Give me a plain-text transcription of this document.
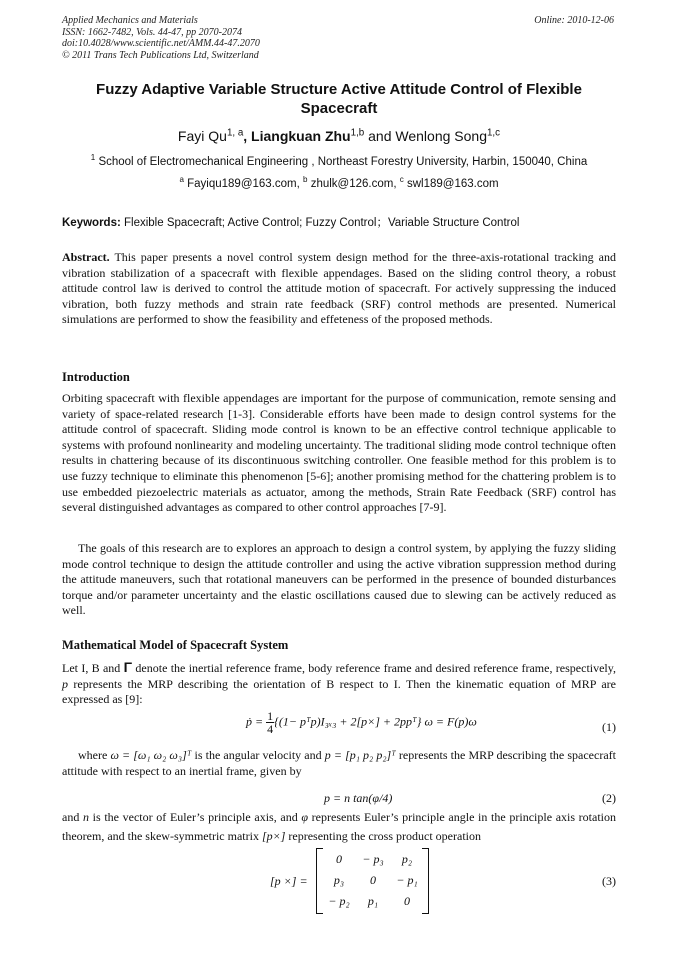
Applied Mechanics and Materials
ISSN: 1662-7482, Vols. 44-47, pp 2070-2074
doi:10.4028/www.scientific.net/AMM.44-47.2070
© 2011 Trans Tech Publications Ltd, Switzerland
Online: 2010-12-06
Fuzzy Adaptive Variable Structure Active Attitude Control of Flexible Spacecraft
Fayi Qu$^{1, a}$, Liangkuan Zhu$^{1,b}$ and Wenlong Song$^{1,c}$
$^1$ School of Electromechanical Engineering , Northeast Forestry University, Harbin, 150040, China
$^a$ Fayiqu189@163.com, $^b$ zhulk@126.com, $^c$ swl189@163.com
Keywords: Flexible Spacecraft; Active Control; Fuzzy Control；Variable Structure Control
Abstract. This paper presents a novel control system design method for the three-axis-rotational tracking and vibration stabilization of a spacecraft with flexible appendages. Based on the sliding control theory, a robust attitude control law is derived to control the attitude motion of spacecraft. For actively suppressing the induced vibration, both fuzzy methods and strain rate feedback (SRF) control methods are presented. Numerical simulations are performed to show the feasibility and effeteness of the proposed methods.
Introduction
Orbiting spacecraft with flexible appendages are important for the purpose of communication, remote sensing and variety of space-related research [1-3]. Considerable efforts have been made to design control systems for the attitude control of spacecraft. Sliding mode control is known to be an effective control technique applicable to systems with profound nonlinearity and modeling uncertainty. The traditional sliding mode control technique often results in chattering because of its discontinuous switching controller. One feasible method for this problem is to use fuzzy technique to eliminate this phenomenon [5-6]; another promising method for the chattering problem is to use embedded piezoelectric materials as actuator, among the methods, Strain Rate Feedback (SRF) control has several distinguished advantages as compared to other control approaches [7-9].
The goals of this research are to explores an approach to design a control system, by applying the fuzzy sliding mode control technique to design the attitude controller and using the active vibration suppression method during the attitude maneuvers, such that rotational maneuvers can be performed in the presence of bounded disturbances torque and/or parameter uncertainty and the elastic oscillations caused due to slewing can be actively reduced as well.
Mathematical Model of Spacecraft System
Let I, B and Γ denote the inertial reference frame, body reference frame and desired reference frame, respectively, p represents the MRP describing the orientation of B respect to I. Then the kinematic equation of MRP are expressed as [9]:
ṗ = $\frac{1}{4} \{(1-$ pᵀp)I₃ₓ₃ + 2[p×] + 2ppᵀ} ω = F(p)ω	(1)
where ω = [ω₁ ω₂ ω₃]ᵀ is the angular velocity and p = [p₁ p₂ p₂]ᵀ represents the MRP describing the spacecraft attitude with respect to an inertial frame, given by
p = n tan(φ/4)	(2)
and n is the vector of Euler’s principle axis, and φ represents Euler’s principle angle in the principle axis rotation theorem, and the skew-symmetric matrix [p×] representing the cross product operation
[p ×] =
0	− p₃	p₂
p₃	0	− p₁
− p₂	p₁	0
(3)
